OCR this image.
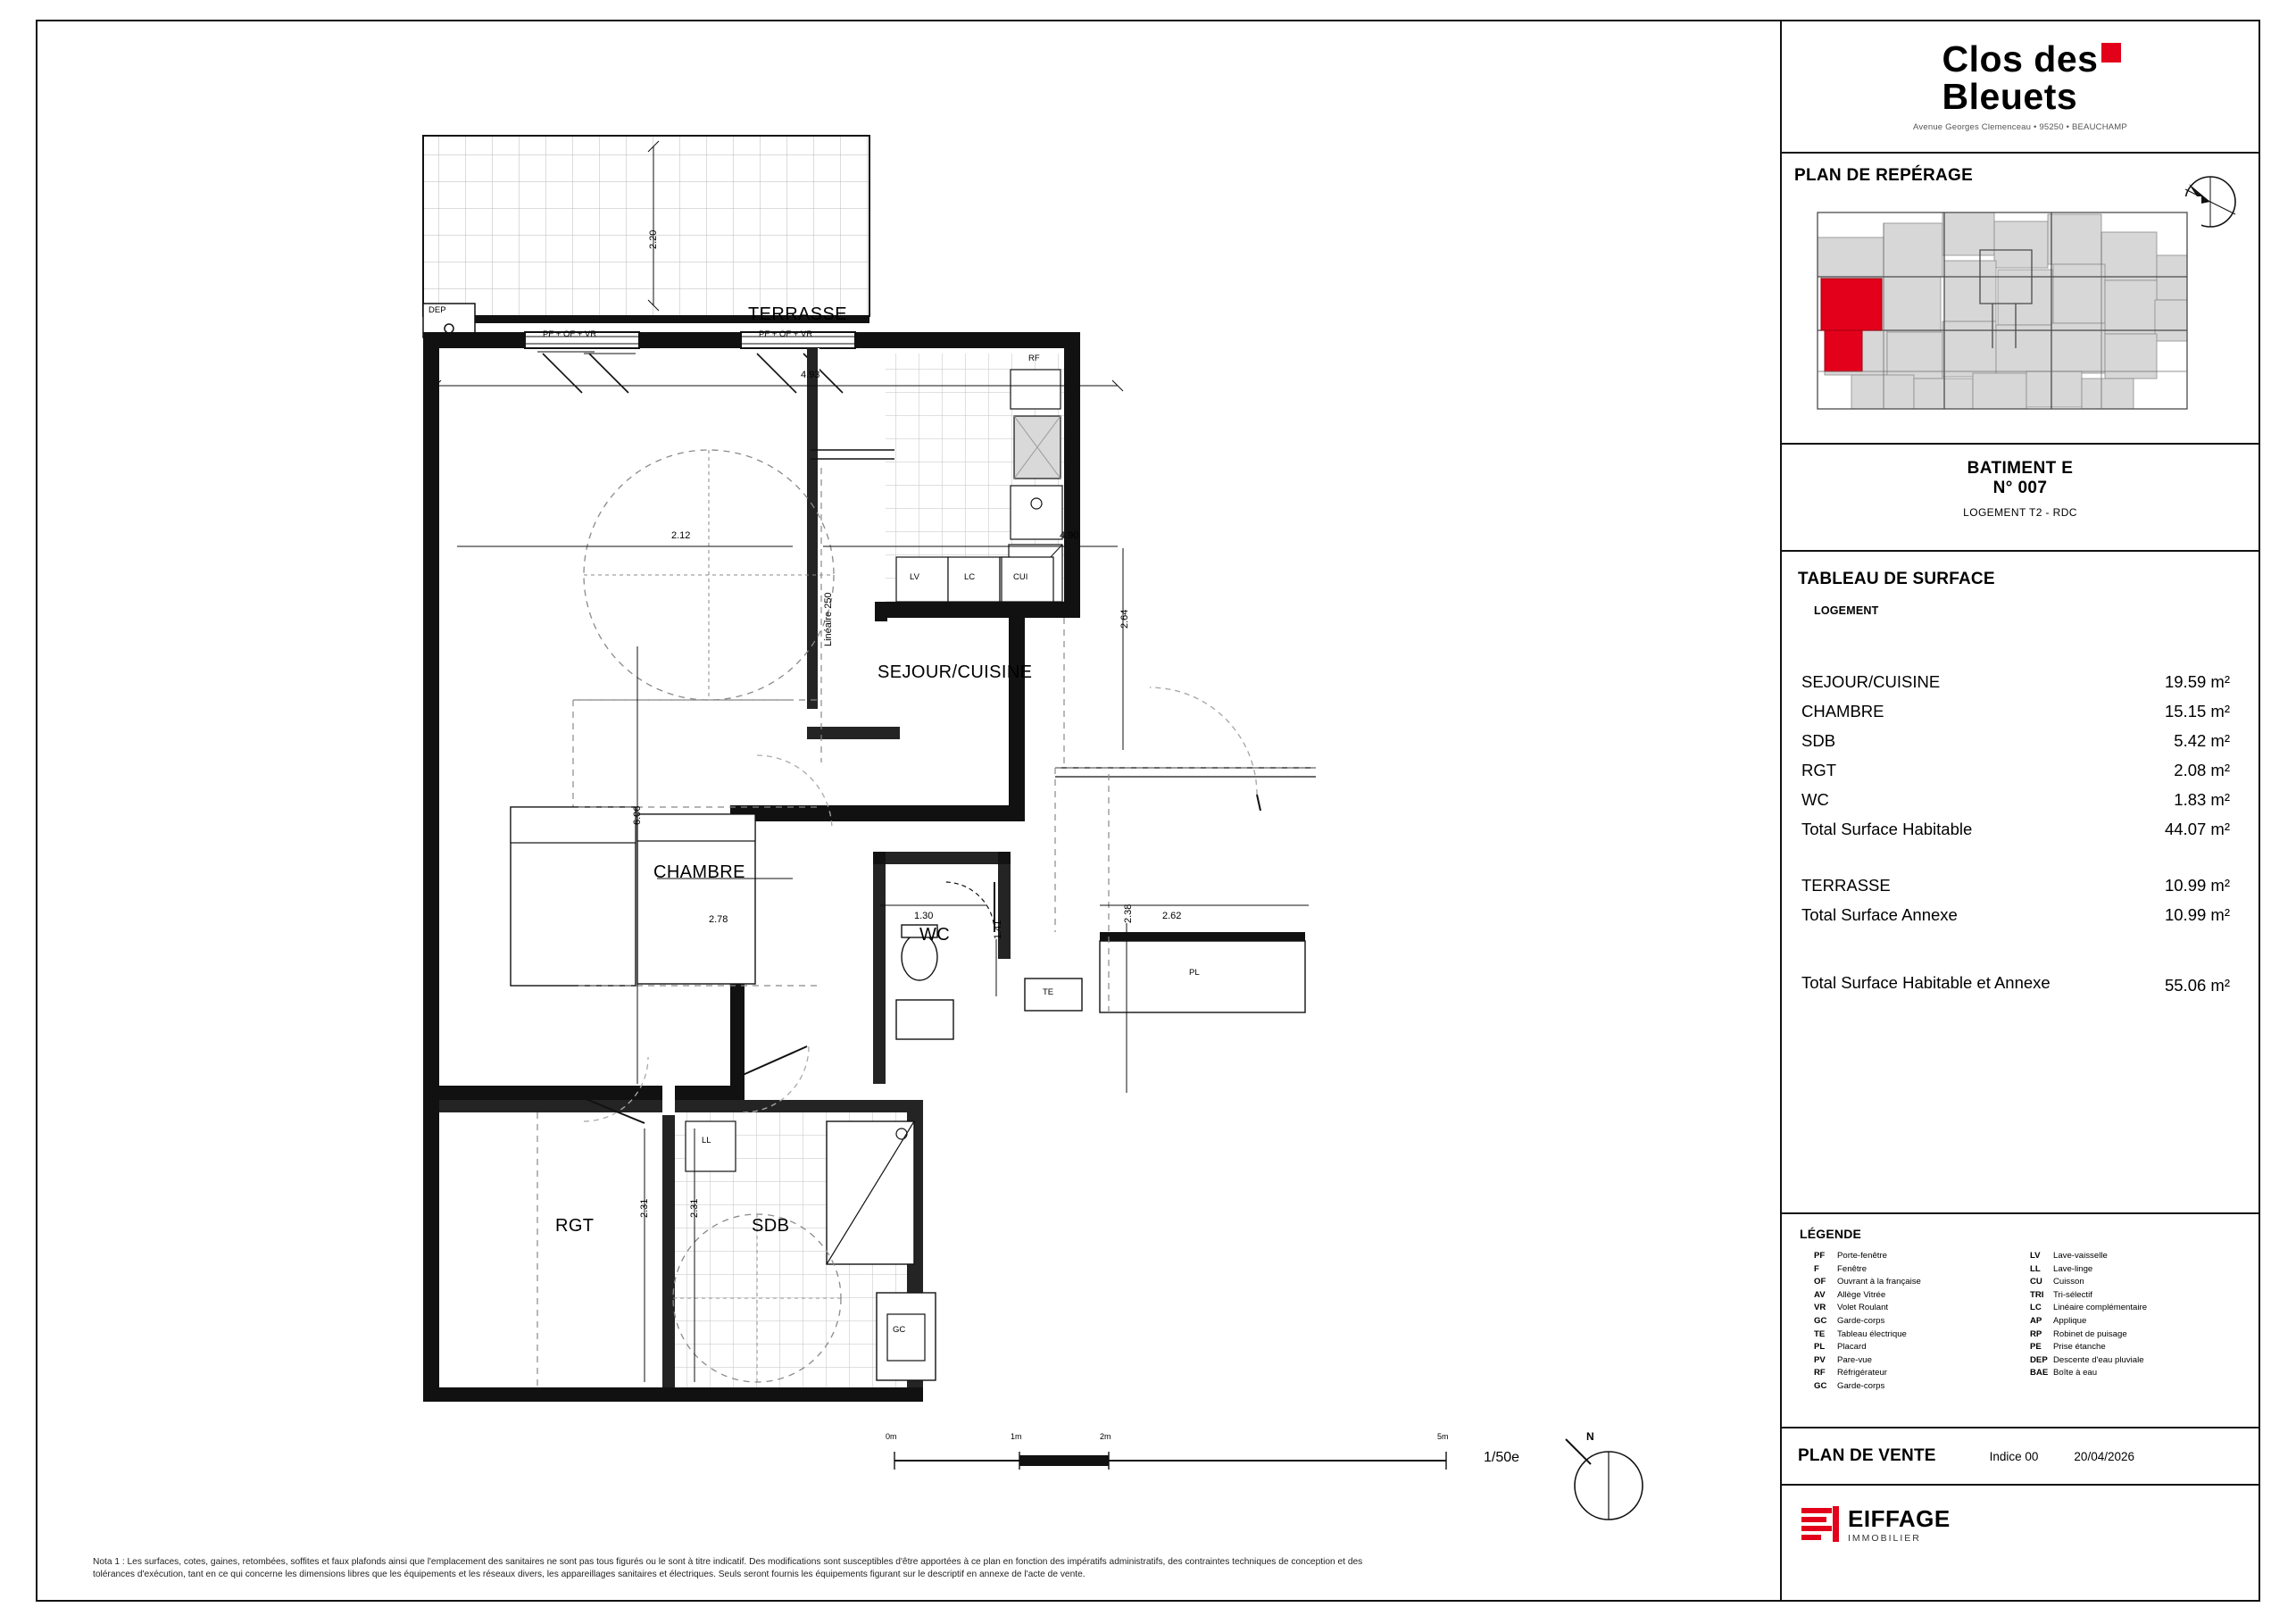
TERRASSE
SEJOUR/CUISINE
CHAMBRE
WC
SDB
RGT
DEP
RF
LV	LC	CUI
TE
PL
LL
GC
PF + OF + VR	PF + OF + VR
Linéaire 250
2.20
4.93
2.12	4.90
2.64
6.06
2.78	1.30
1.41
2.38	2.62
2.31	2.31
0m	1m	2m	5m
1/50e
N
Nota 1 : Les surfaces, cotes, gaines, retombées, soffites et faux plafonds ainsi que l'emplacement des sanitaires ne sont pas tous figurés ou le sont à titre indicatif. Des modifications sont susceptibles d'être apportées à ce plan en fonction des impératifs administratifs, des contraintes techniques de conception et des tolérances d'exécution, tant en ce qui concerne les dimensions libres que les équipements et les réseaux divers, les appareillages sanitaires et électriques. Seuls seront fournis les équipements figurant sur le descriptif en annexe de l'acte de vente.
Clos des
Bleuets
Avenue Georges Clemenceau • 95250 • BEAUCHAMP
PLAN DE REPÉRAGE
BATIMENT E
N° 007
LOGEMENT T2 - RDC
TABLEAU DE SURFACE
LOGEMENT
SEJOUR/CUISINE	19.59 m²
CHAMBRE	15.15 m²
SDB	5.42 m²
RGT	2.08 m²
WC	1.83 m²
Total Surface Habitable	44.07 m²
TERRASSE	10.99 m²
Total Surface Annexe	10.99 m²
Total Surface Habitable et Annexe	55.06 m²
LÉGENDE
PF	Porte-fenêtre
F	Fenêtre
OF	Ouvrant à la française
AV	Allège Vitrée
VR	Volet Roulant
GC	Garde-corps
TE	Tableau électrique
PL	Placard
PV	Pare-vue
RF	Réfrigérateur
GC	Garde-corps
LV	Lave-vaisselle
LL	Lave-linge
CU	Cuisson
TRI	Tri-sélectif
LC	Linéaire complémentaire
AP	Applique
RP	Robinet de puisage
PE	Prise étanche
DEP Descente d'eau pluviale
BAE Boîte à eau
PLAN DE VENTE	Indice 00	20/04/2026
EIFFAGE
IMMOBILIER
